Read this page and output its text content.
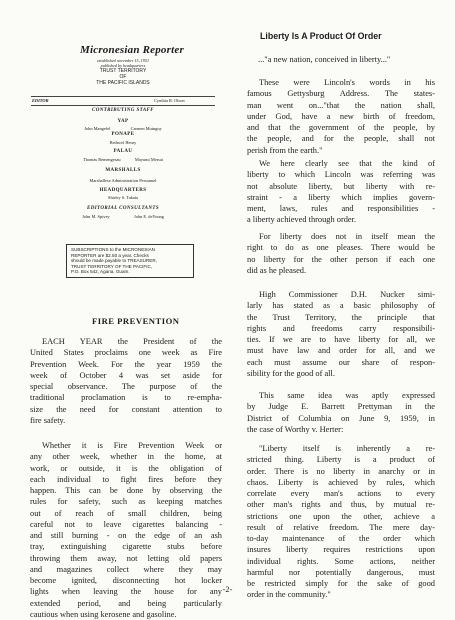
Micronesian Reporter
established november 15, 1951
published by headquarters
TRUST TERRITORY
OF
THE PACIFIC ISLANDS
EDITOR	Cynthia R. Olson
CONTRIBUTING STAFF
YAP
John Mangefel	Carmen Mutnguy
PONAPE
Bethwel Henry
PALAU
Thomas Remengesau	Mayumi Mersai
MARSHALLS
Marshallese Administration Personnel
HEADQUARTERS
Shirley S. Takata
EDITORIAL CONSULTANTS
John M. Spivey	John E. deYoung
SUBSCRIPTIONS to the MICRONESIAN
REPORTER are $2.50 a year. Checks
should be made payable to TREASURER,
TRUST TERRITORY OF THE PACIFIC,
P.O. Box 542, Agana, Guam.
FIRE PREVENTION
EACH YEAR the President of the
United States proclaims one week as Fire
Prevention Week. For the year 1959 the
week of October 4 was set aside for
special observance. The purpose of the
traditional proclamation is to re-empha-
size the need for constant attention to
fire safety.
Whether it is Fire Prevention Week or
any other week, whether in the home, at
work, or outside, it is the obligation of
each individual to fight fires before they
happen. This can be done by observing the
rules for safety, such as keeping matches
out of reach of small children, being
careful not to leave cigarettes balancing -
and still burning - on the edge of an ash
tray, extinguishing cigarette stubs before
throwing them away, not letting old papers
and magazines collect where they may
become ignited, disconnecting hot locker
lights when leaving the house for any
extended period, and being particularly
cautious when using kerosene and gasoline.
Liberty Is A Product Of Order
..."a new nation, conceived in liberty..."
These were Lincoln's words in his
famous Gettysburg Address. The states-
man went on..."that the nation shall,
under God, have a new birth of freedom,
and that the government of the people, by
the people, and for the people, shall not
perish from the earth."
We here clearly see that the kind of
liberty to which Lincoln was referring was
not absolute liberty, but liberty with re-
straint - a liberty which implies govern-
ment, laws, rules and responsibilities -
a liberty achieved through order.
For liberty does not in itself mean the
right to do as one pleases. There would be
no liberty for the other person if each one
did as he pleased.
High Commissioner D.H. Nucker simi-
larly has stated as a basic philosophy of
the Trust Territory, the principle that
rights and freedoms carry responsibili-
ties. If we are to have liberty for all, we
must have law and order for all, and we
each must assume our share of respon-
sibility for the good of all.
This same idea was aptly expressed
by Judge E. Barrett Prettyman in the
District of Columbia on June 9, 1959, in
the case of Worthy v. Herter:
"Liberty itself is inherently a re-
stricted thing. Liberty is a product of
order. There is no liberty in anarchy or in
chaos. Liberty is achieved by rules, which
correlate every man's actions to every
other man's rights and thus, by mutual re-
strictions one upon the other, achieve a
result of relative freedom. The mere day-
to-day maintenance of the order which
insures liberty requires restrictions upon
individual rights. Some actions, neither
harmful nor potentially dangerous, must
be restricted simply for the sake of good
order in the community."
-2-
